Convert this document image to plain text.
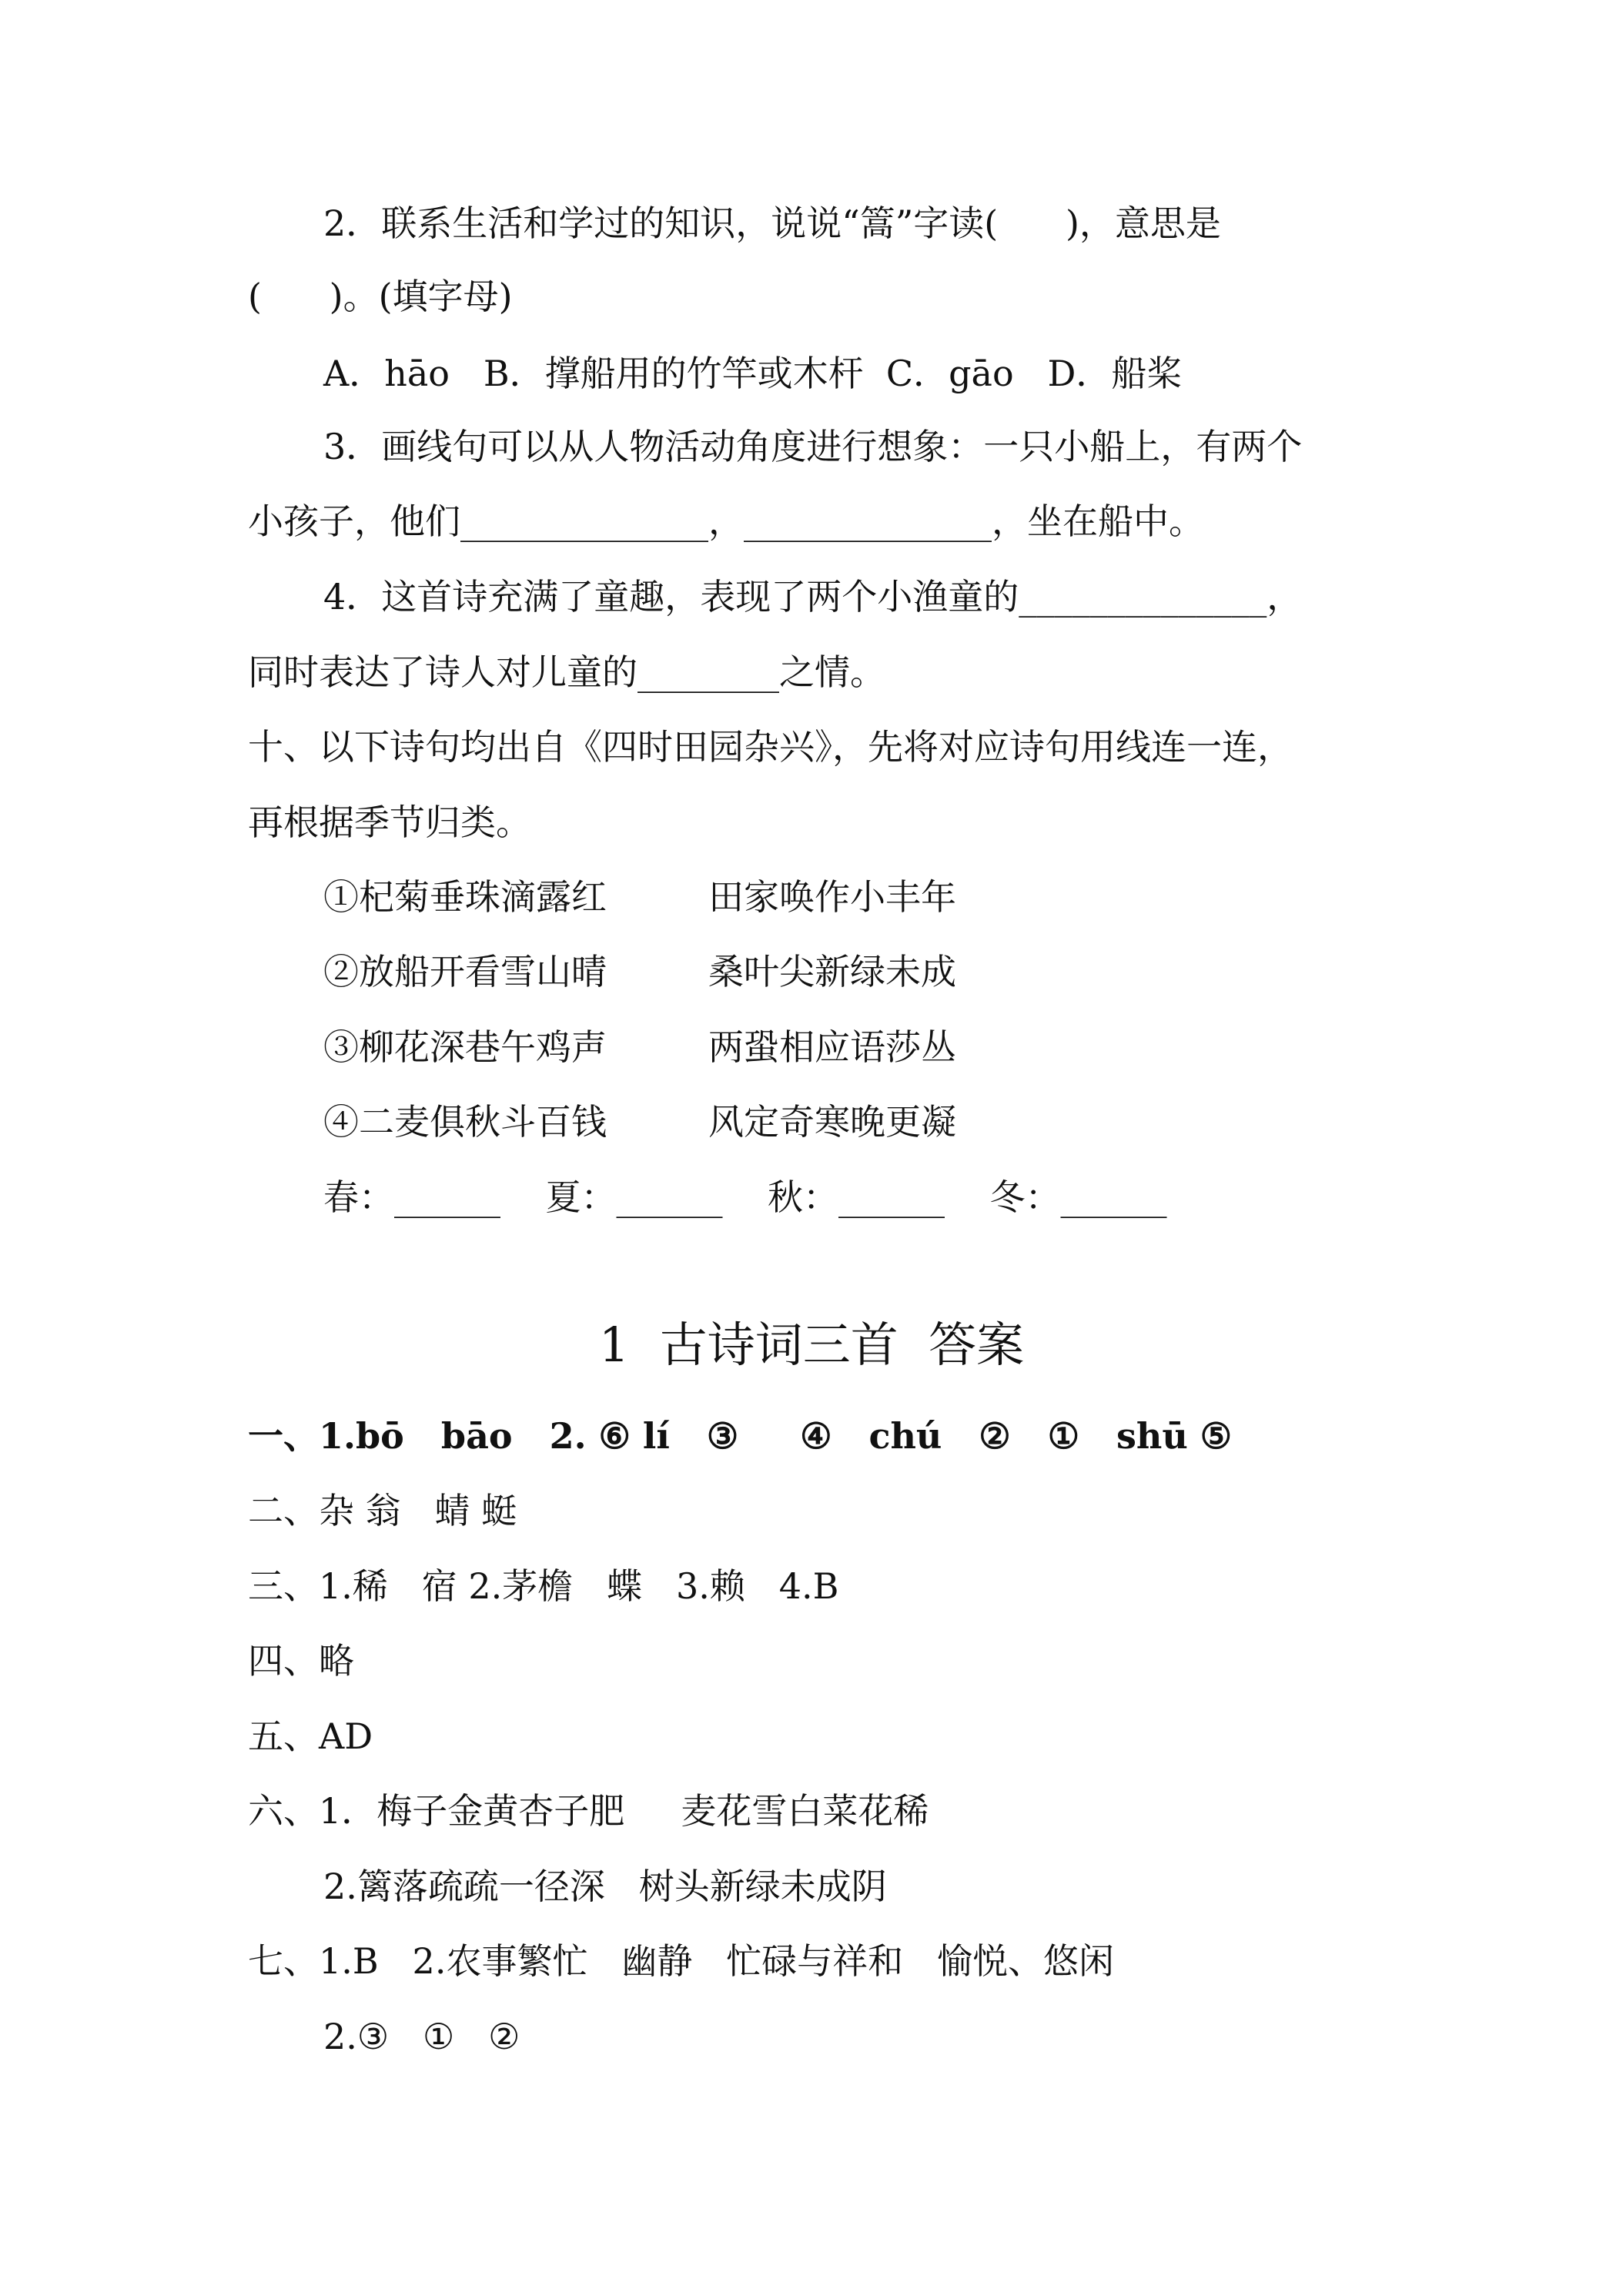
2．联系生活和学过的知识，说说“篙”字读(      )，意思是
(      )。(填字母)
A．hāo   B．撑船用的竹竿或木杆  C．gāo   D．船桨
3．画线句可以从人物活动角度进行想象：一只小船上，有两个
小孩子，他们______________，______________，坐在船中。
4．这首诗充满了童趣，表现了两个小渔童的______________，
同时表达了诗人对儿童的________之情。
十、以下诗句均出自《四时田园杂兴》，先将对应诗句用线连一连，
再根据季节归类。
①杞菊垂珠滴露红	田家唤作小丰年
②放船开看雪山晴	桑叶尖新绿未成
③柳花深巷午鸡声	两蛩相应语莎丛
④二麦俱秋斗百钱	风定奇寒晚更凝
春：______    夏：______    秋：______    冬：______
1  古诗词三首  答案
一、1.bō   bāo   2. ⑥ lí   ③     ④   chú   ②   ①   shū ⑤
二、杂 翁   蜻 蜓
三、1.稀   宿 2.茅檐   蝶   3.赖   4.B
四、略
五、AD
六、1．梅子金黄杏子肥     麦花雪白菜花稀
2.篱落疏疏一径深   树头新绿未成阴
七、1.B   2.农事繁忙   幽静   忙碌与祥和   愉悦、悠闲
2.③   ①   ②
